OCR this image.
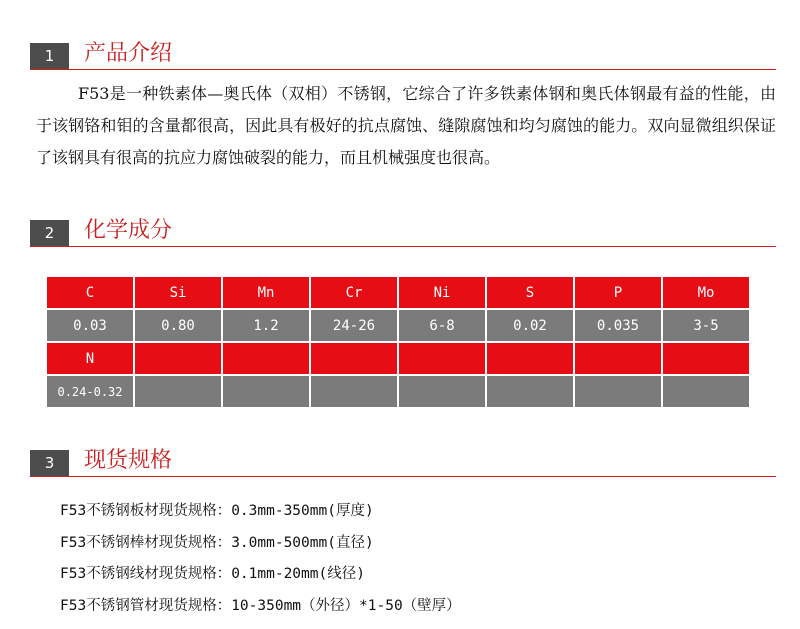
1	产品介绍

F53是一种铁素体—奥氏体（双相）不锈钢，它综合了许多铁素体钢和奥氏体钢最有益的性能，由于该钢铬和钼的含量都很高，因此具有极好的抗点腐蚀、缝隙腐蚀和均匀腐蚀的能力。双向显微组织保证了该钢具有很高的抗应力腐蚀破裂的能力，而且机械强度也很高。

2	化学成分
C	Si	Mn	Cr	Ni	S	P	Mo
0.03	0.80	1.2	24-26	6-8	0.02	0.035	3-5
N							
0.24-0.32							
3	现货规格
F53不锈钢板材现货规格：0.3mm-350mm(厚度)
F53不锈钢棒材现货规格：3.0mm-500mm(直径)
F53不锈钢线材现货规格：0.1mm-20mm(线径)
F53不锈钢管材现货规格：10-350mm（外径）*1-50（壁厚）
